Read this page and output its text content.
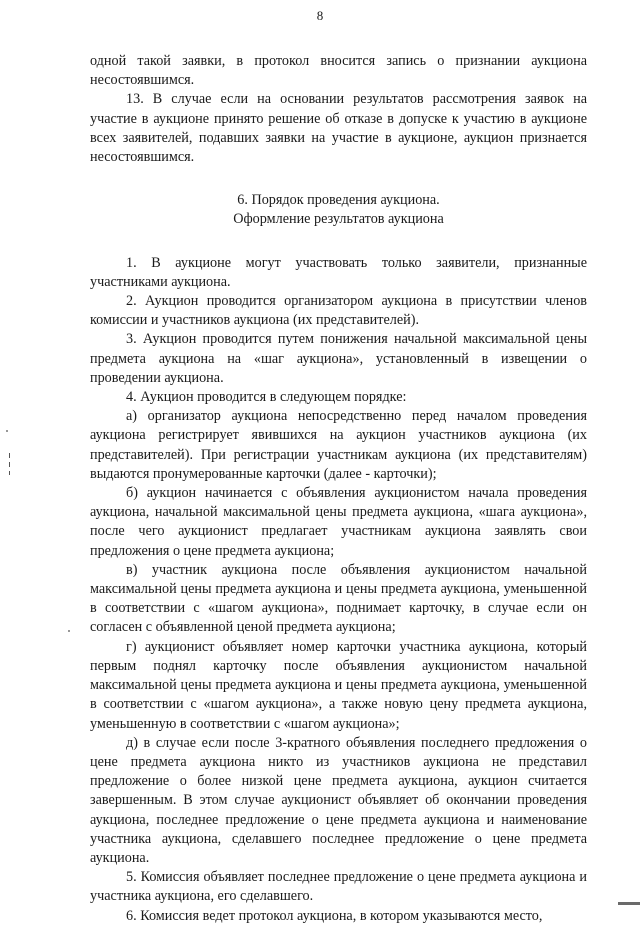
8

одной такой заявки, в протокол вносится запись о признании аукциона несостоявшимся.

13. В случае если на основании результатов рассмотрения заявок на участие в аукционе принято решение об отказе в допуске к участию в аукционе всех заявителей, подавших заявки на участие в аукционе, аукцион признается несостоявшимся.

6. Порядок проведения аукциона.
Оформление результатов аукциона

1. В аукционе могут участвовать только заявители, признанные участниками аукциона.

2. Аукцион проводится организатором аукциона в присутствии членов комиссии и участников аукциона (их представителей).

3. Аукцион проводится путем понижения начальной максимальной цены предмета аукциона на «шаг аукциона», установленный в извещении о проведении аукциона.

4. Аукцион проводится в следующем порядке:

а) организатор аукциона непосредственно перед началом проведения аукциона регистрирует явившихся на аукцион участников аукциона (их представителей). При регистрации участникам аукциона (их представителям) выдаются пронумерованные карточки (далее - карточки);

б) аукцион начинается с объявления аукционистом начала проведения аукциона, начальной максимальной цены предмета аукциона, «шага аукциона», после чего аукционист предлагает участникам аукциона заявлять свои предложения о цене предмета аукциона;

в) участник аукциона после объявления аукционистом начальной максимальной цены предмета аукциона и цены предмета аукциона, уменьшенной в соответствии с «шагом аукциона», поднимает карточку, в случае если он согласен с объявленной ценой предмета аукциона;

г) аукционист объявляет номер карточки участника аукциона, который первым поднял карточку после объявления аукционистом начальной максимальной цены предмета аукциона и цены предмета аукциона, уменьшенной в соответствии с «шагом аукциона», а также новую цену предмета аукциона, уменьшенную в соответствии с «шагом аукциона»;

д) в случае если после 3-кратного объявления последнего предложения о цене предмета аукциона никто из участников аукциона не представил предложение о более низкой цене предмета аукциона, аукцион считается завершенным. В этом случае аукционист объявляет об окончании проведения аукциона, последнее предложение о цене предмета аукциона и наименование участника аукциона, сделавшего последнее предложение о цене предмета аукциона.

5. Комиссия объявляет последнее предложение о цене предмета аукциона и участника аукциона, его сделавшего.

6. Комиссия ведет протокол аукциона, в котором указываются место,
